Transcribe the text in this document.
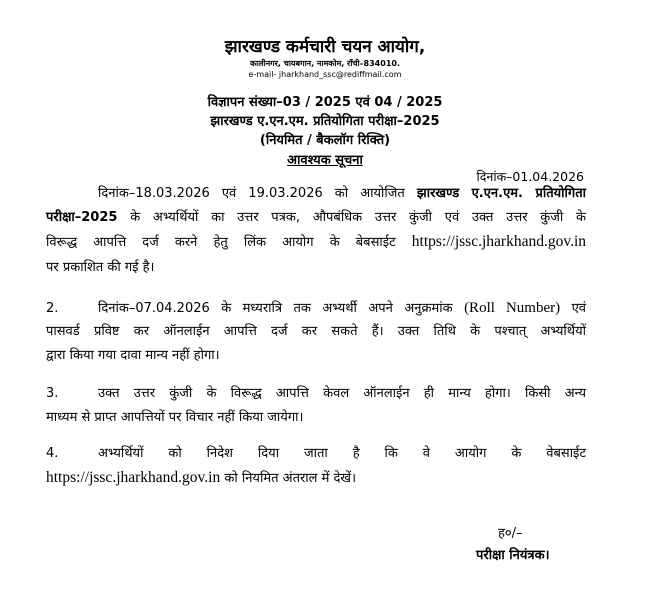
झारखण्ड कर्मचारी चयन आयोग,
कालीनगर, चायबगान, नामकोम, राँची–834010.
e-mail- jharkhand_ssc@rediffmail.com
विज्ञापन संख्या–03 / 2025 एवं 04 / 2025
झारखण्ड ए.एन.एम. प्रतियोगिता परीक्षा–2025
(नियमित / बैकलॉग रिक्ति)
आवश्यक सूचना
दिनांक–01.04.2026
दिनांक–18.03.2026 एवं 19.03.2026 को आयोजित झारखण्ड ए.एन.एम. प्रतियोगिता
परीक्षा–2025 के अभ्यर्थियों का उत्तर पत्रक, औपबंधिक उत्तर कुंजी एवं उक्त उत्तर कुंजी के
विरूद्ध आपत्ति दर्ज करने हेतु लिंक आयोग के बेबसाईट https://jssc.jharkhand.gov.in
पर प्रकाशित की गई है।
2.	दिनांक–07.04.2026 के मध्यरात्रि तक अभ्यर्थी अपने अनुक्रमांक (Roll Number) एवं
पासवर्ड प्रविष्ट कर ऑनलाईन आपत्ति दर्ज कर सकते हैं। उक्त तिथि के पश्चात् अभ्यर्थियों
द्वारा किया गया दावा मान्य नहीं होगा।
3.	उक्त उत्तर कुंजी के विरूद्ध आपत्ति केवल ऑनलाईन ही मान्य होगा। किसी अन्य
माध्यम से प्राप्त आपत्तियों पर विचार नहीं किया जायेगा।
4.	अभ्यर्थियों को निदेश दिया जाता है कि वे आयोग के वेबसाईट
https://jssc.jharkhand.gov.in को नियमित अंतराल में देखें।
ह०/–
परीक्षा नियंत्रक।
